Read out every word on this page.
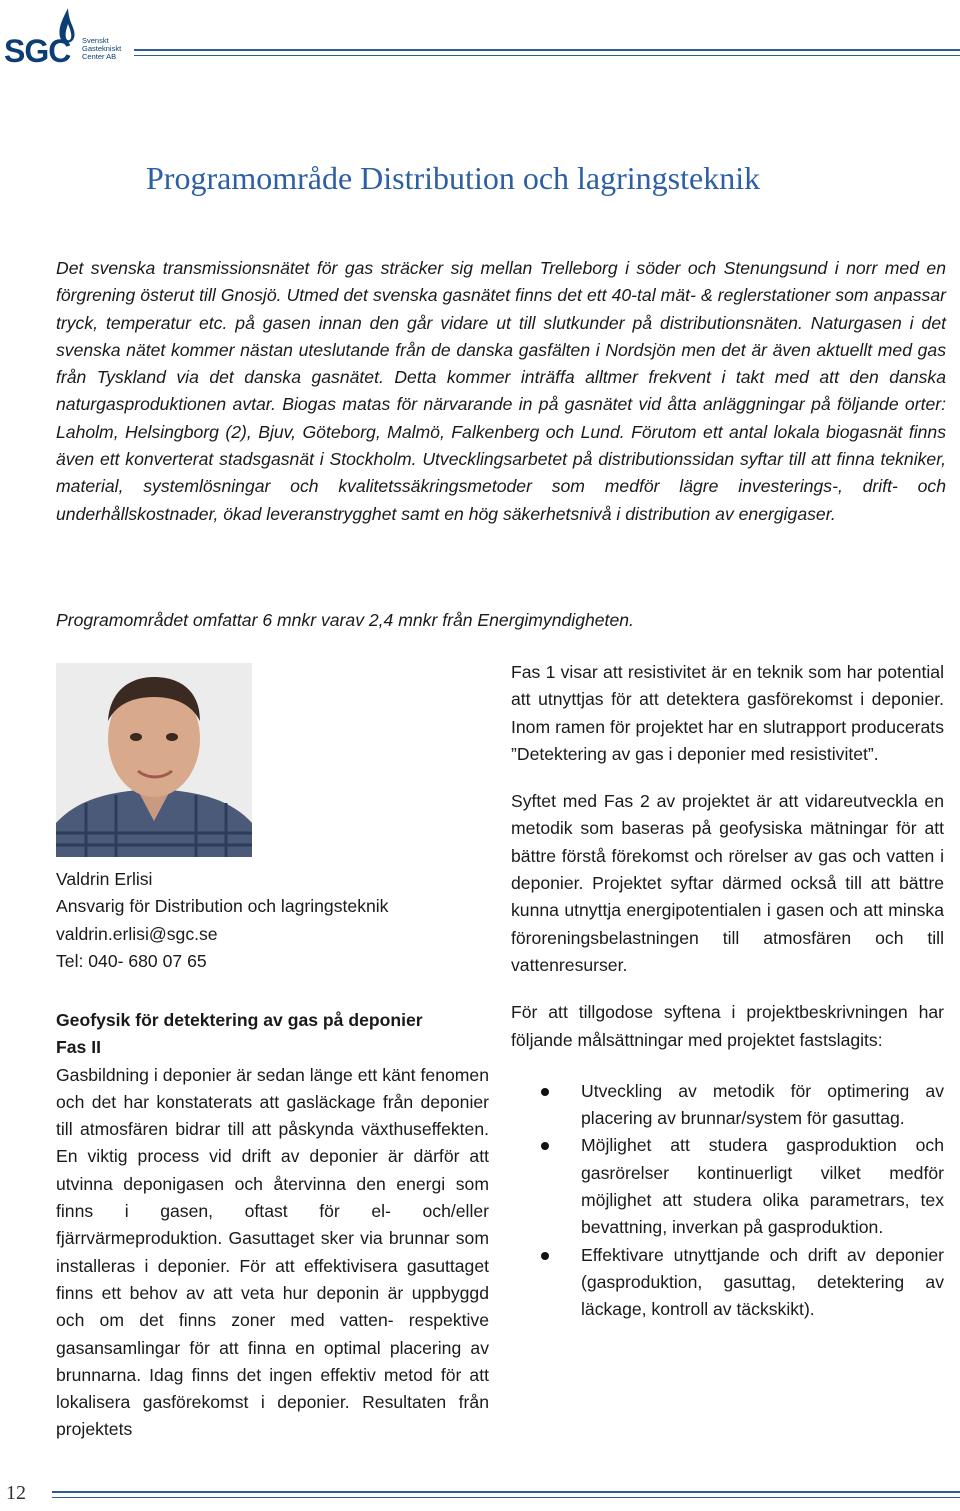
SGC Svenskt
Gastekniskt
Center AB
Programområde Distribution och lagringsteknik

Det svenska transmissionsnätet för gas sträcker sig mellan Trelleborg i söder och Stenungsund i norr med en förgrening österut till Gnosjö. Utmed det svenska gasnätet finns det ett 40-tal mät- & reglerstationer som anpassar tryck, temperatur etc. på gasen innan den går vidare ut till slutkunder på distributionsnäten. Naturgasen i det svenska nätet kommer nästan uteslutande från de danska gasfälten i Nordsjön men det är även aktuellt med gas från Tyskland via det danska gasnätet. Detta kommer inträffa alltmer frekvent i takt med att den danska naturgasproduktionen avtar. Biogas matas för närvarande in på gasnätet vid åtta anläggningar på följande orter: Laholm, Helsingborg (2), Bjuv, Göteborg, Malmö, Falkenberg och Lund. Förutom ett antal lokala biogasnät finns även ett konverterat stadsgasnät i Stockholm. Utvecklingsarbetet på distributionssidan syftar till att finna tekniker, material, systemlösningar och kvalitetssäkringsmetoder som medför lägre investerings-, drift- och underhållskostnader, ökad leveranstrygghet samt en hög säkerhetsnivå i distribution av energigaser.

Programområdet omfattar 6 mnkr varav 2,4 mnkr från Energimyndigheten.

Valdrin Erlisi
Ansvarig för Distribution och lagringsteknik
valdrin.erlisi@sgc.se
Tel: 040- 680 07 65
Geofysik för detektering av gas på deponier
Fas II

Gasbildning i deponier är sedan länge ett känt fenomen och det har konstaterats att gasläckage från deponier till atmosfären bidrar till att påskynda växthuseffekten. En viktig process vid drift av deponier är därför att utvinna deponigasen och återvinna den energi som finns i gasen, oftast för el- och/eller fjärrvärmeproduktion. Gasuttaget sker via brunnar som installeras i deponier. För att effektivisera gasuttaget finns ett behov av att veta hur deponin är uppbyggd och om det finns zoner med vatten- respektive gasansamlingar för att finna en optimal placering av brunnarna. Idag finns det ingen effektiv metod för att lokalisera gasförekomst i deponier. Resultaten från projektets

Fas 1 visar att resistivitet är en teknik som har potential att utnyttjas för att detektera gasförekomst i deponier. Inom ramen för projektet har en slutrapport producerats ”Detektering av gas i deponier med resistivitet”.

Syftet med Fas 2 av projektet är att vidareutveckla en metodik som baseras på geofysiska mätningar för att bättre förstå förekomst och rörelser av gas och vatten i deponier. Projektet syftar därmed också till att bättre kunna utnyttja energipotentialen i gasen och att minska föroreningsbelastningen till atmosfären och till vattenresurser.

För att tillgodose syftena i projektbeskrivningen har följande målsättningar med projektet fastslagits:

Utveckling av metodik för optimering av placering av brunnar/system för gasuttag.
Möjlighet att studera gasproduktion och gasrörelser kontinuerligt vilket medför möjlighet att studera olika parametrars, tex bevattning, inverkan på gasproduktion.
Effektivare utnyttjande och drift av deponier (gasproduktion, gasuttag, detektering av läckage, kontroll av täckskikt).
12
